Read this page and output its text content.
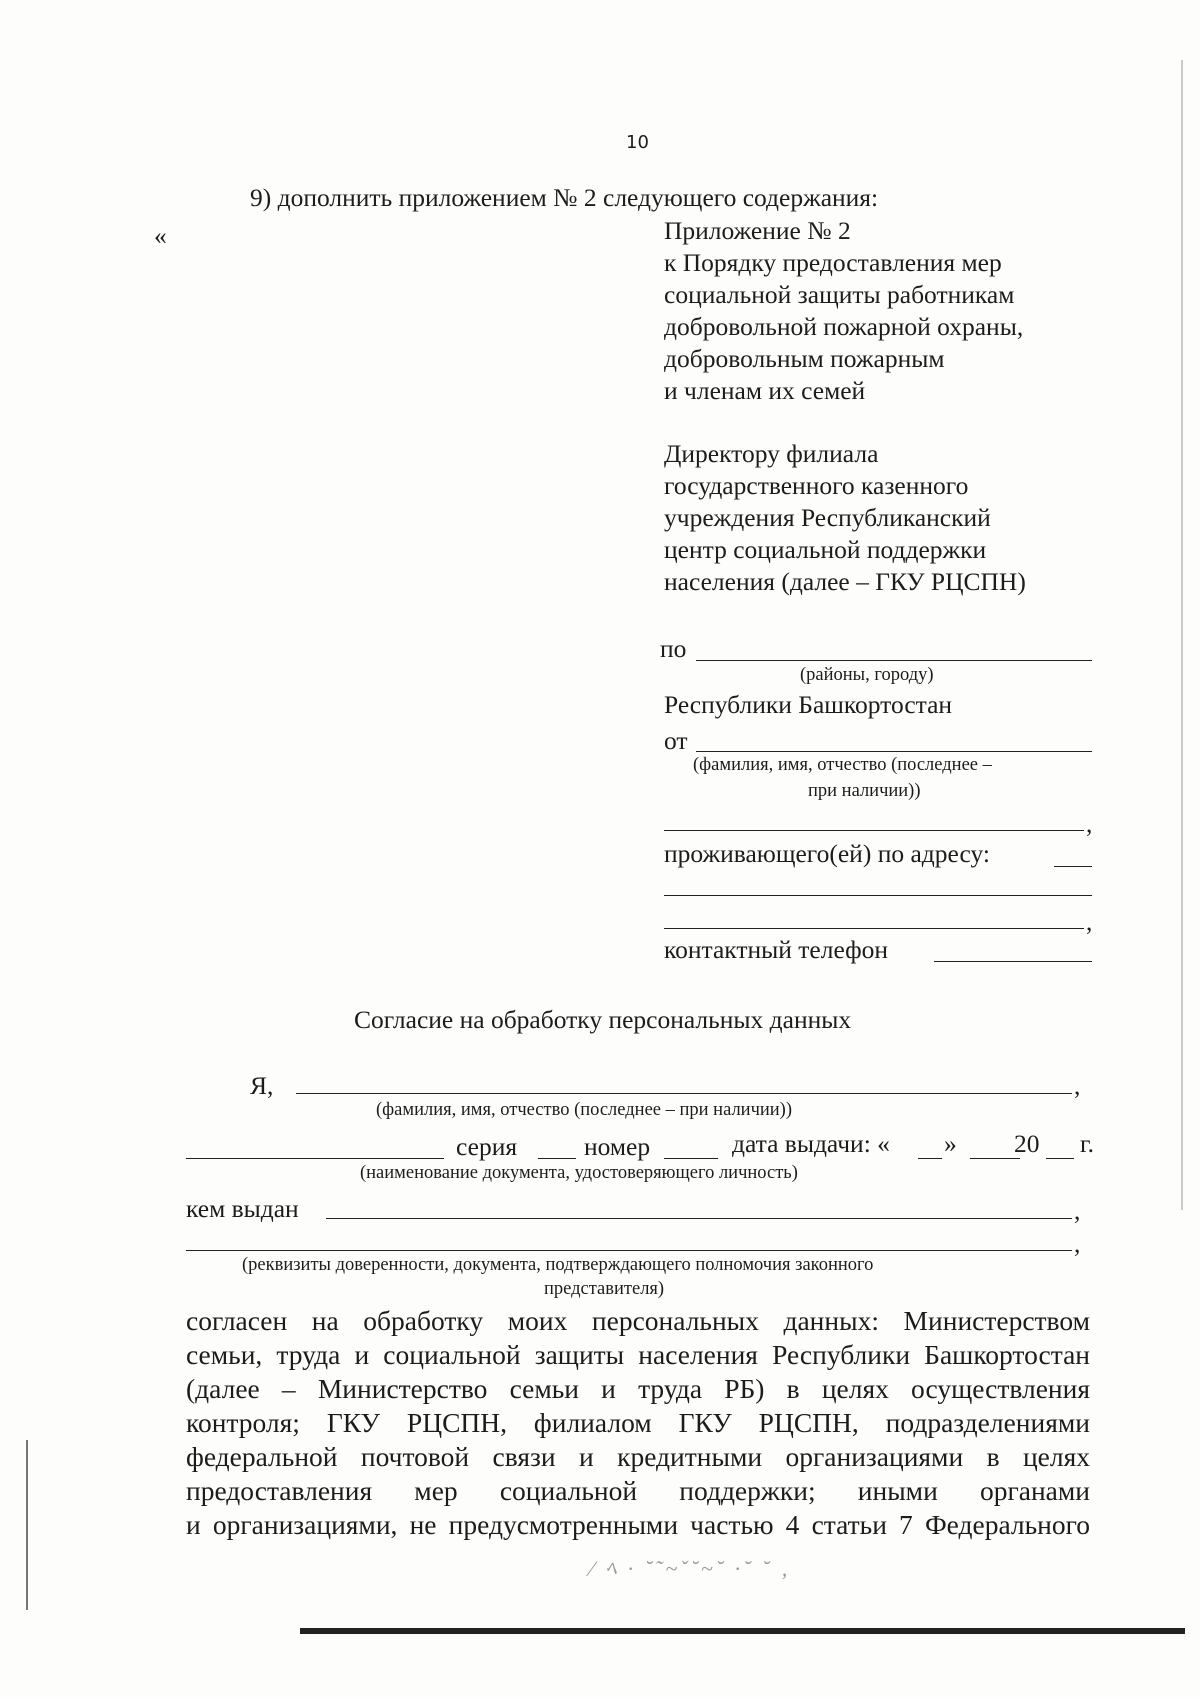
⁄ ﾍ · ˘˜~ˇ˘~˘ ·˘ ˘ ‚
10
9) дополнить приложением № 2 следующего содержания:
«	Приложение № 2
к Порядку предоставления мер
социальной защиты работникам
добровольной пожарной охраны,
добровольным пожарным
и членам их семей
Директору филиала
государственного казенного
учреждения Республиканский
центр социальной поддержки
населения (далее – ГКУ РЦСПН)
по
(районы, городу)
Республики Башкортостан
от
(фамилия, имя, отчество (последнее –
при наличии))
,
проживающего(ей) по адресу:
,
контактный телефон
Согласие на обработку персональных данных
Я,	,
(фамилия, имя, отчество (последнее – при наличии))
серия	номер	дата выдачи: « » 20 г.
(наименование документа, удостоверяющего личность)
кем выдан	,
,
(реквизиты доверенности, документа, подтверждающего полномочия законного
представителя)
согласен на обработку моих персональных данных: Министерством
семьи, труда и социальной защиты населения Республики Башкортостан
(далее – Министерство семьи и труда РБ) в целях осуществления
контроля; ГКУ РЦСПН, филиалом ГКУ РЦСПН, подразделениями
федеральной почтовой связи и кредитными организациями в целях
предоставления мер социальной поддержки; иными органами
и организациями, не предусмотренными частью 4 статьи 7 Федерального
